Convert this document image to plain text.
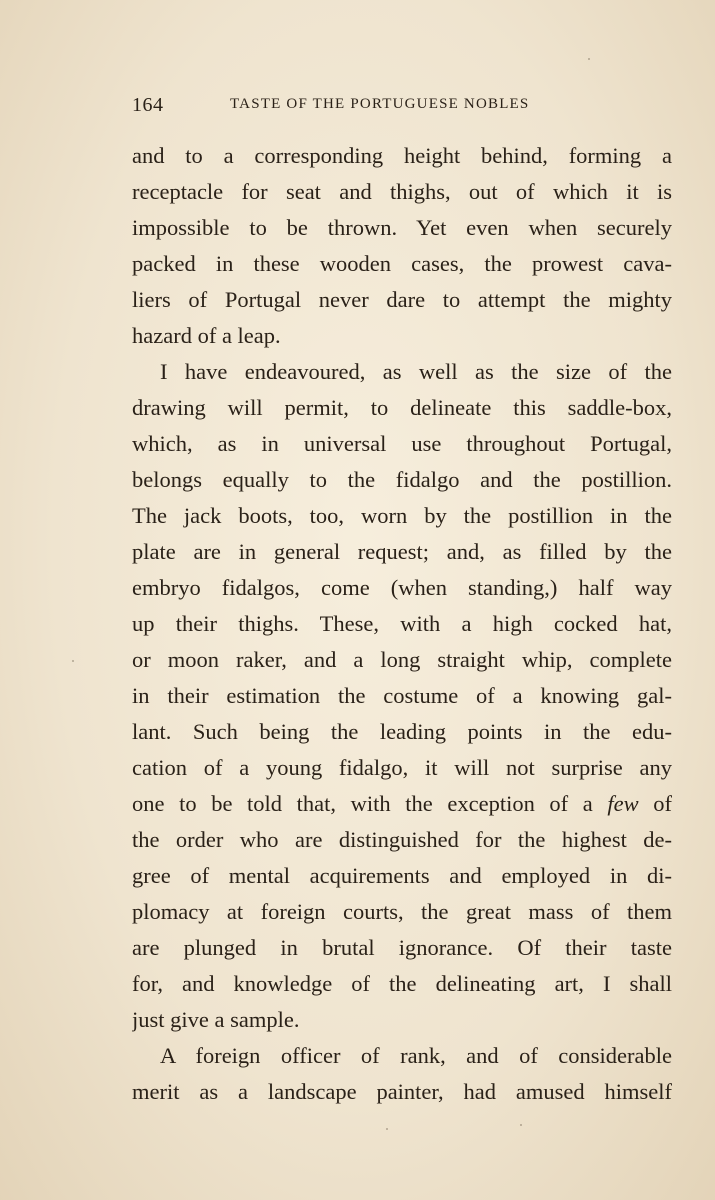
164	TASTE OF THE PORTUGUESE NOBLES
and to a corresponding height behind, forming a
receptacle for seat and thighs, out of which it is
impossible to be thrown. Yet even when securely
packed in these wooden cases, the prowest cava-
liers of Portugal never dare to attempt the mighty
hazard of a leap.
I have endeavoured, as well as the size of the
drawing will permit, to delineate this saddle-box,
which, as in universal use throughout Portugal,
belongs equally to the fidalgo and the postillion.
The jack boots, too, worn by the postillion in the
plate are in general request; and, as filled by the
embryo fidalgos, come (when standing,) half way
up their thighs. These, with a high cocked hat,
or moon raker, and a long straight whip, complete
in their estimation the costume of a knowing gal-
lant. Such being the leading points in the edu-
cation of a young fidalgo, it will not surprise any
one to be told that, with the exception of a few of
the order who are distinguished for the highest de-
gree of mental acquirements and employed in di-
plomacy at foreign courts, the great mass of them
are plunged in brutal ignorance. Of their taste
for, and knowledge of the delineating art, I shall
just give a sample.
A foreign officer of rank, and of considerable
merit as a landscape painter, had amused himself
